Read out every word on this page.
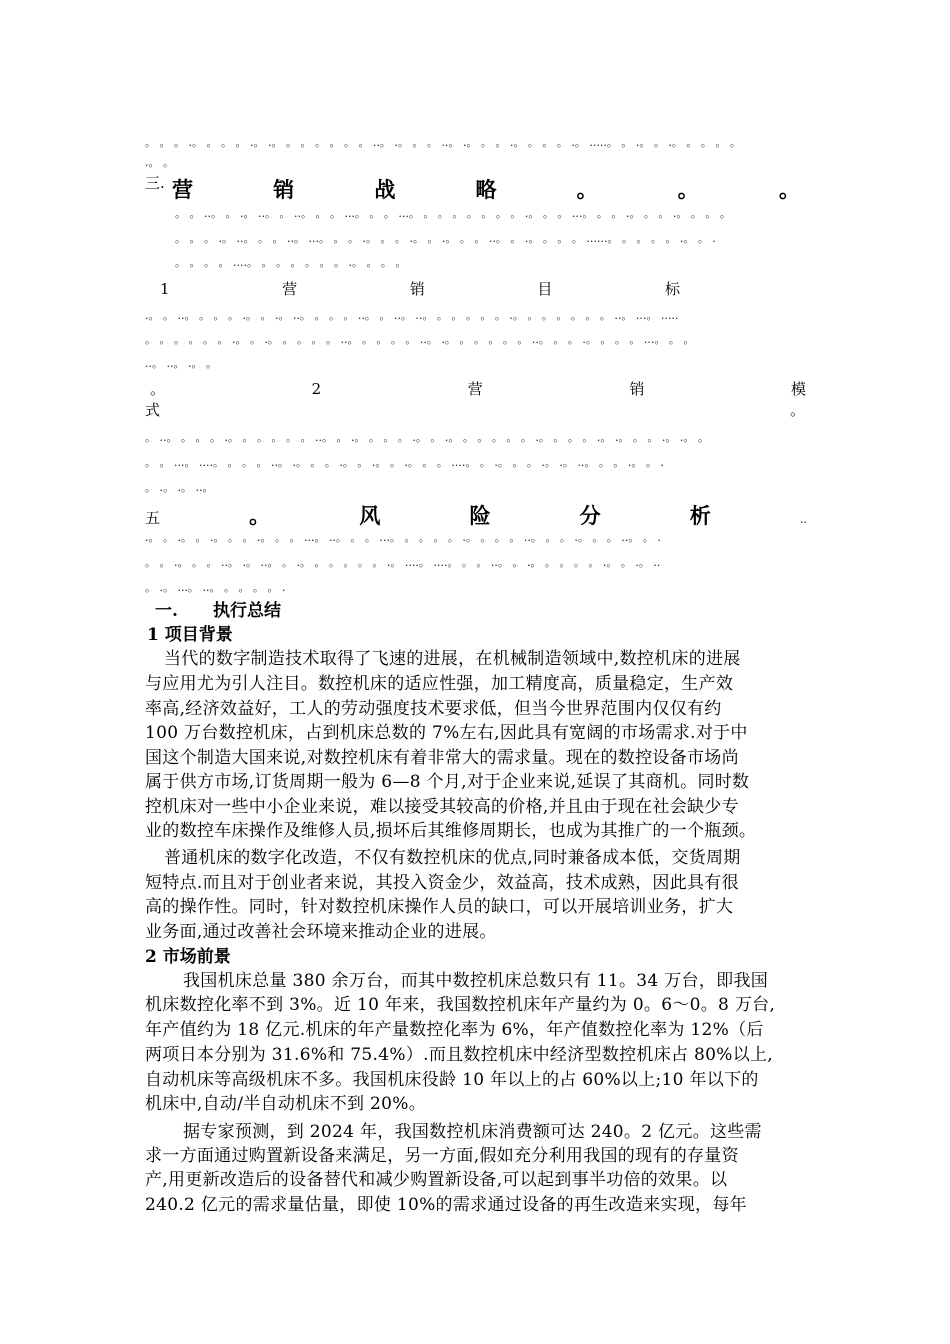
。 。 。 .。 。 。 。 .。 .。 。 。 。 。 。 。 ..。 .。 。 。 ..。 .。 。 。 .。 。 。 。 .。 .....。 。 .。 。 .。 。 。 。 。
.。 。
三. 营	销	战	略	。	。	。
。 。 ..。 。 .。 ..。 。 ..。 。 。 ...。 。 。 ...。 。 。 。 。 。 。 。 .。 。 。 ...。 。 。 .。 。 。 .。 。 。 。
。 。 。 .。 ..。 。 。 ..。 ...。 。 。 .。 。 。 .。 。 .。 。 。 ..。 。 .。 。 。 。 ......。 。 。 。 。 .。 。 .
。 。 。 。 ....。 。 。 。 。 。 。 .。 。 。 。
1	营	销	目	标
.。 。 ..。 。 。 。 .。 。 .。 ..。 。 。 。 ..。 。 ..。 ..。 。 。 。 。 。 .。 。 。 。 。 。 。 ..。 ...。 .....
。 。 。 。 。 。 .。 。 .。 。 。 。 。 ..。 。 。 。 。 ..。 .。 。 。 。 。 。 ..。 。 。 .。 。 。 。 ...。 。 。
..。 ..。 .。 。
。	2	营	销	模
式	。
。 ..。 。 。 。 .。 。 。 。 。 。 ..。 。 .。 。 。 。 .。 。 .。 。 。 。 。 。 .。 。 。 。 .。 .。 。 。 .。 .。 。
。 。 ...。 ....。 。 。 。 ..。 .。 。 。 .。 。 .。 。 .。 。 。 ....。 。 .。 。 。 .。 .。 ..。 。 。 .。 。 .
。 .。 .。 ..。
五	。	风	险	分	析	..
.。 。 .。 。 .。 。 。 .。 。 。 ...。 ..。 。 。 ...。 。 。 。 。 .。 。 。 。 ..。 。 。 .。 。 。 ..。 。 .
。 。 .。 。 。 ..。 .。 ..。 。 .。 。 。 。 。 。 .。 ....。 ....。 。 。 ..。 。 .。 。 。 。 。 .。 。 .。 ..
。 .。 ...。 ..。 。 。 。 。 .
一. 执行总结
1 项目背景
当代的数字制造技术取得了飞速的进展，在机械制造领域中,数控机床的进展
与应用尤为引人注目。数控机床的适应性强，加工精度高，质量稳定，生产效
率高,经济效益好，工人的劳动强度技术要求低，但当今世界范围内仅仅有约
100 万台数控机床，占到机床总数的 7%左右,因此具有宽阔的市场需求.对于中
国这个制造大国来说,对数控机床有着非常大的需求量。现在的数控设备市场尚
属于供方市场,订货周期一般为 6—8 个月,对于企业来说,延误了其商机。同时数
控机床对一些中小企业来说，难以接受其较高的价格,并且由于现在社会缺少专
业的数控车床操作及维修人员,损坏后其维修周期长，也成为其推广的一个瓶颈。
普通机床的数字化改造，不仅有数控机床的优点,同时兼备成本低，交货周期
短特点.而且对于创业者来说，其投入资金少，效益高，技术成熟，因此具有很
高的操作性。同时，针对数控机床操作人员的缺口，可以开展培训业务，扩大
业务面,通过改善社会环境来推动企业的进展。
2 市场前景
我国机床总量 380 余万台，而其中数控机床总数只有 11。34 万台，即我国
机床数控化率不到 3%。近 10 年来，我国数控机床年产量约为 0。6～0。8 万台,
年产值约为 18 亿元.机床的年产量数控化率为 6%，年产值数控化率为 12%（后
两项日本分别为 31.6%和 75.4%）.而且数控机床中经济型数控机床占 80%以上,
自动机床等高级机床不多。我国机床役龄 10 年以上的占 60%以上;10 年以下的
机床中,自动/半自动机床不到 20%。
据专家预测，到 2024 年，我国数控机床消费额可达 240。2 亿元。这些需
求一方面通过购置新设备来满足，另一方面,假如充分利用我国的现有的存量资
产,用更新改造后的设备替代和减少购置新设备,可以起到事半功倍的效果。以
240.2 亿元的需求量估量，即使 10%的需求通过设备的再生改造来实现，每年
